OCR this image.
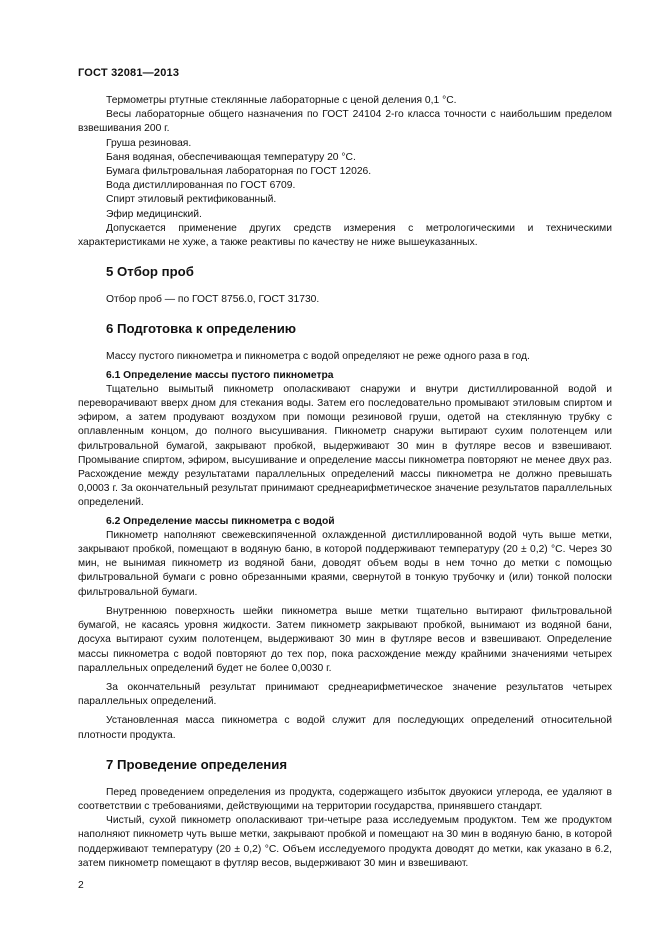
ГОСТ 32081—2013

Термометры ртутные стеклянные лабораторные с ценой деления 0,1 °С.

Весы лабораторные общего назначения по ГОСТ 24104 2-го класса точности с наибольшим пределом взвешивания 200 г.

Груша резиновая.

Баня водяная, обеспечивающая температуру 20 °С.

Бумага фильтровальная лабораторная по ГОСТ 12026.

Вода дистиллированная по ГОСТ 6709.

Спирт этиловый ректификованный.

Эфир медицинский.

Допускается применение других средств измерения с метрологическими и техническими характеристиками не хуже, а также реактивы по качеству не ниже вышеуказанных.

5 Отбор проб

Отбор проб — по ГОСТ 8756.0, ГОСТ 31730.

6 Подготовка к определению

Массу пустого пикнометра и пикнометра с водой определяют не реже одного раза в год.

6.1 Определение массы пустого пикнометра

Тщательно вымытый пикнометр ополаскивают снаружи и внутри дистиллированной водой и переворачивают вверх дном для стекания воды. Затем его последовательно промывают этиловым спиртом и эфиром, а затем продувают воздухом при помощи резиновой груши, одетой на стеклянную трубку с оплавленным концом, до полного высушивания. Пикнометр снаружи вытирают сухим полотенцем или фильтровальной бумагой, закрывают пробкой, выдерживают 30 мин в футляре весов и взвешивают. Промывание спиртом, эфиром, высушивание и определение массы пикнометра повторяют не менее двух раз. Расхождение между результатами параллельных определений массы пикнометра не должно превышать 0,0003 г. За окончательный результат принимают среднеарифметическое значение результатов параллельных определений.

6.2 Определение массы пикнометра с водой

Пикнометр наполняют свежевскипяченной охлажденной дистиллированной водой чуть выше метки, закрывают пробкой, помещают в водяную баню, в которой поддерживают температуру (20 ± 0,2) °С. Через 30 мин, не вынимая пикнометр из водяной бани, доводят объем воды в нем точно до метки с помощью фильтровальной бумаги с ровно обрезанными краями, свернутой в тонкую трубочку и (или) тонкой полоски фильтровальной бумаги.

Внутреннюю поверхность шейки пикнометра выше метки тщательно вытирают фильтровальной бумагой, не касаясь уровня жидкости. Затем пикнометр закрывают пробкой, вынимают из водяной бани, досуха вытирают сухим полотенцем, выдерживают 30 мин в футляре весов и взвешивают. Определение массы пикнометра с водой повторяют до тех пор, пока расхождение между крайними значениями четырех параллельных определений будет не более 0,0030 г.

За окончательный результат принимают среднеарифметическое значение результатов четырех параллельных определений.

Установленная масса пикнометра с водой служит для последующих определений относительной плотности продукта.

7 Проведение определения

Перед проведением определения из продукта, содержащего избыток двуокиси углерода, ее удаляют в соответствии с требованиями, действующими на территории государства, принявшего стандарт.

Чистый, сухой пикнометр ополаскивают три-четыре раза исследуемым продуктом. Тем же продуктом наполняют пикнометр чуть выше метки, закрывают пробкой и помещают на 30 мин в водяную баню, в которой поддерживают температуру (20 ± 0,2) °С. Объем исследуемого продукта доводят до метки, как указано в 6.2, затем пикнометр помещают в футляр весов, выдерживают 30 мин и взвешивают.

2
